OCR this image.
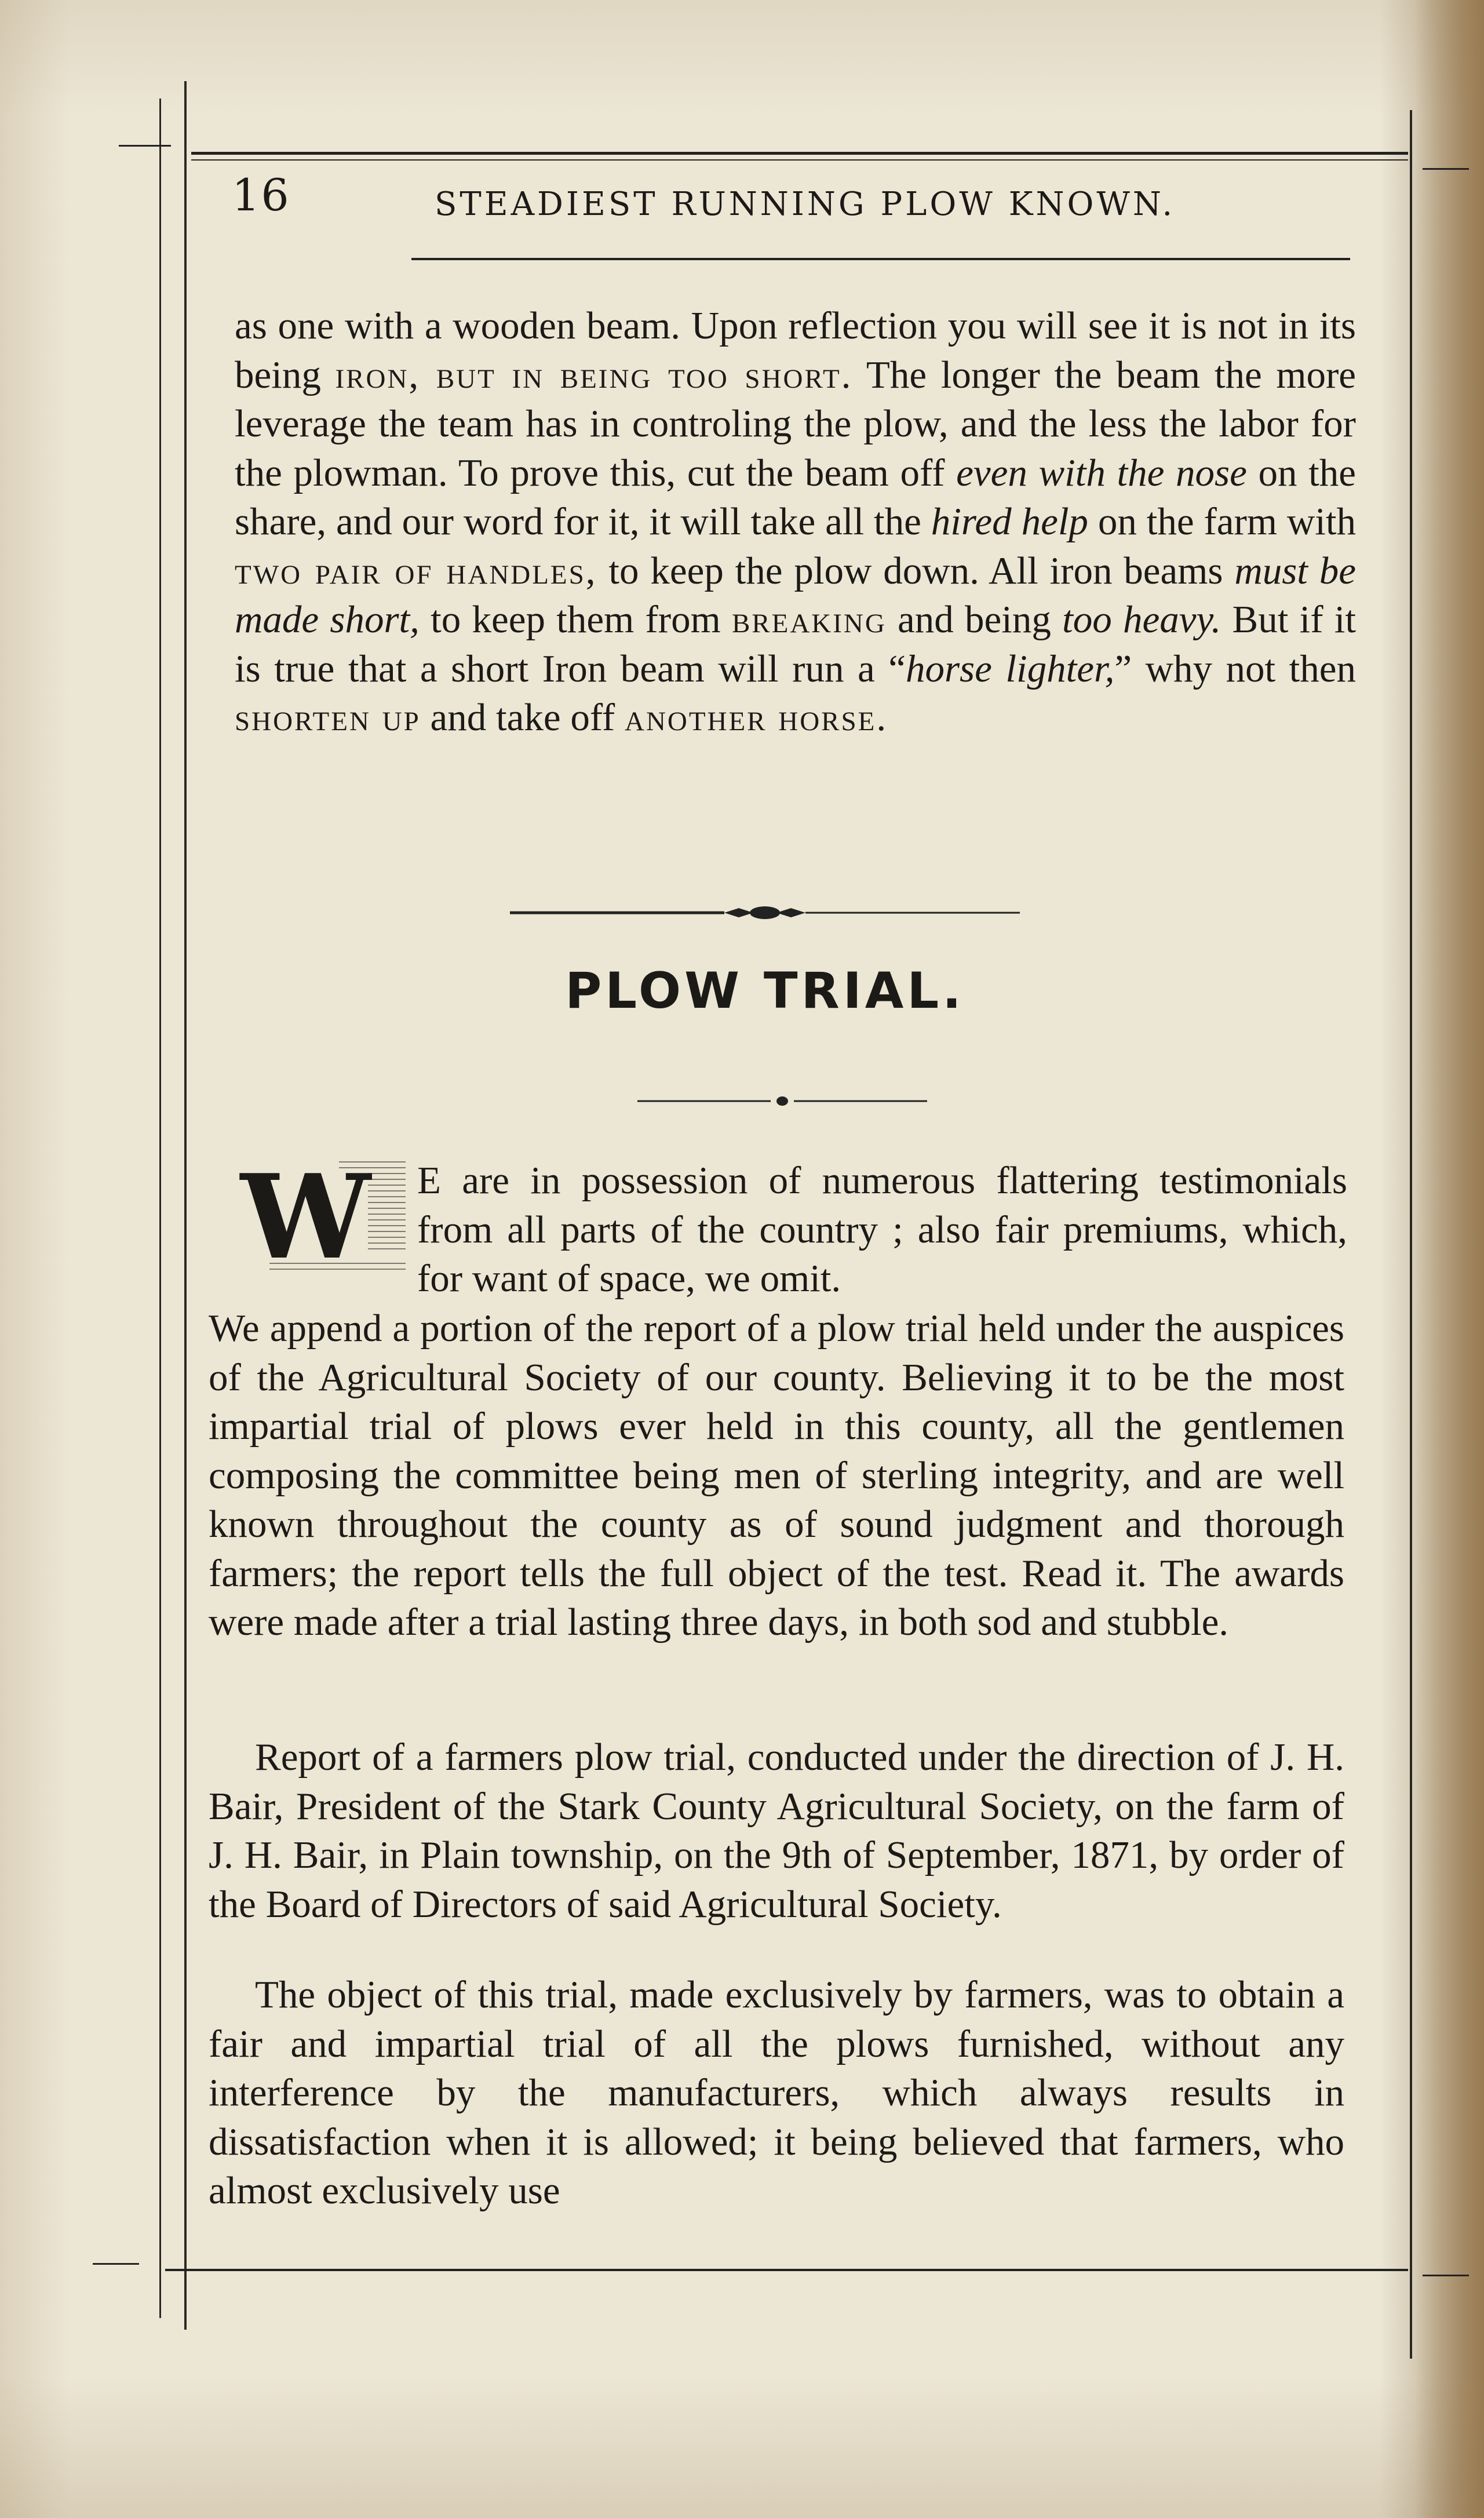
16	STEADIEST RUNNING PLOW KNOWN.

as one with a wooden beam. Upon reflection you will see it is not in its being iron, but in being too short. The longer the beam the more leverage the team has in controling the plow, and the less the labor for the plowman. To prove this, cut the beam off even with the nose on the share, and our word for it, it will take all the hired help on the farm with two pair of handles, to keep the plow down. All iron beams must be made short, to keep them from breaking and being too heavy. But if it is true that a short Iron beam will run a “horse lighter,” why not then shorten up and take off another horse.

PLOW TRIAL.
W E are in possession of numerous flattering testimonials from all parts of the country ; also fair premiums, which, for want of space, we omit.

We append a portion of the report of a plow trial held under the auspices of the Agricultural Society of our county. Believing it to be the most impartial trial of plows ever held in this county, all the gentlemen composing the committee being men of sterling integrity, and are well known throughout the county as of sound judgment and thorough farmers; the report tells the full object of the test. Read it. The awards were made after a trial lasting three days, in both sod and stubble.

Report of a farmers plow trial, conducted under the direction of J. H. Bair, President of the Stark County Agricultural Society, on the farm of J. H. Bair, in Plain township, on the 9th of September, 1871, by order of the Board of Directors of said Agricultural Society.

The object of this trial, made exclusively by farmers, was to obtain a fair and impartial trial of all the plows furnished, without any interference by the manufacturers, which always results in dissatisfaction when it is allowed; it being believed that farmers, who almost exclusively use
